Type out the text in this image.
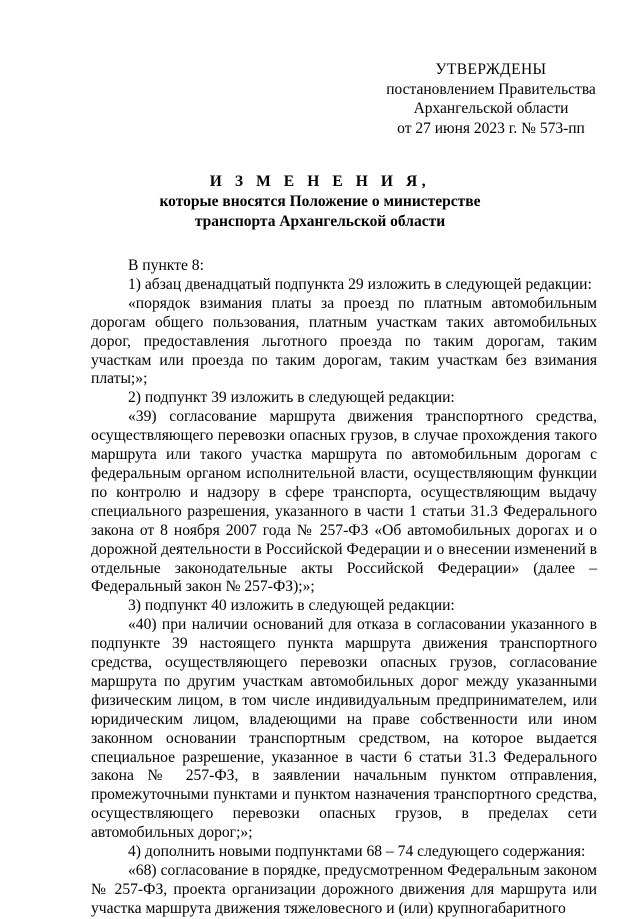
УТВЕРЖДЕНЫ
постановлением Правительства
Архангельской области
от 27 июня 2023 г. № 573-пп
И З М Е Н Е Н И Я,
которые вносятся Положение о министерстве
транспорта Архангельской области

В пункте 8:

1) абзац двенадцатый подпункта 29 изложить в следующей редакции:

«порядок взимания платы за проезд по платным автомобильным дорогам общего пользования, платным участкам таких автомобильных дорог, предоставления льготного проезда по таким дорогам, таким участкам или проезда по таким дорогам, таким участкам без взимания платы;»;

2) подпункт 39 изложить в следующей редакции:

«39) согласование маршрута движения транспортного средства, осуществляющего перевозки опасных грузов, в случае прохождения такого маршрута или такого участка маршрута по автомобильным дорогам с федеральным органом исполнительной власти, осуществляющим функции по контролю и надзору в сфере транспорта, осуществляющим выдачу специального разрешения, указанного в части 1 статьи 31.3 Федерального закона от 8 ноября 2007 года № 257-ФЗ «Об автомобильных дорогах и о дорожной деятельности в Российской Федерации и о внесении изменений в отдельные законодательные акты Российской Федерации» (далее – Федеральный закон № 257-ФЗ);»;

3) подпункт 40 изложить в следующей редакции:

«40) при наличии оснований для отказа в согласовании указанного в подпункте 39 настоящего пункта маршрута движения транспортного средства, осуществляющего перевозки опасных грузов, согласование маршрута по другим участкам автомобильных дорог между указанными физическим лицом, в том числе индивидуальным предпринимателем, или юридическим лицом, владеющими на праве собственности или ином законном основании транспортным средством, на которое выдается специальное разрешение, указанное в части 6 статьи 31.3 Федерального закона № 257-ФЗ, в заявлении начальным пунктом отправления, промежуточными пунктами и пунктом назначения транспортного средства, осуществляющего перевозки опасных грузов, в пределах сети автомобильных дорог;»;

4) дополнить новыми подпунктами 68 – 74 следующего содержания:

«68) согласование в порядке, предусмотренном Федеральным законом № 257-ФЗ, проекта организации дорожного движения для маршрута или участка маршрута движения тяжеловесного и (или) крупногабаритного
